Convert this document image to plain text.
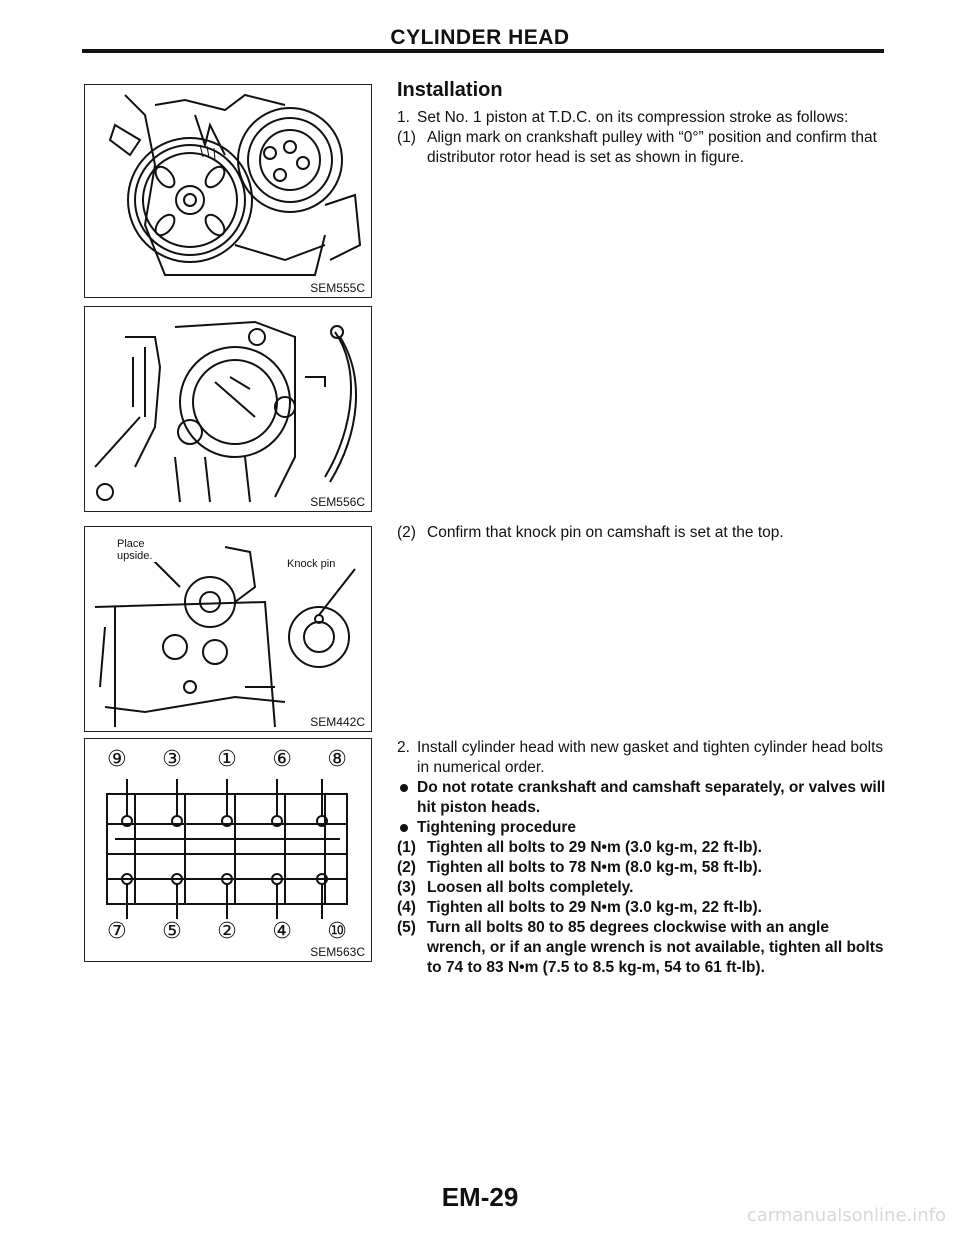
CYLINDER HEAD
SEM555C
SEM556C
Place upside.
Knock pin
SEM442C
⑨ ③ ① ⑥ ⑧
⑦ ⑤ ② ④ ⑩
SEM563C
Installation
1. Set No. 1 piston at T.D.C. on its compression stroke as follows:
(1) Align mark on crankshaft pulley with “0°” position and confirm that distributor rotor head is set as shown in figure.
(2) Confirm that knock pin on camshaft is set at the top.
2. Install cylinder head with new gasket and tighten cylinder head bolts in numerical order.
Do not rotate crankshaft and camshaft separately, or valves will hit piston heads.
Tightening procedure
(1) Tighten all bolts to 29 N•m (3.0 kg-m, 22 ft-lb).
(2) Tighten all bolts to 78 N•m (8.0 kg-m, 58 ft-lb).
(3) Loosen all bolts completely.
(4) Tighten all bolts to 29 N•m (3.0 kg-m, 22 ft-lb).
(5) Turn all bolts 80 to 85 degrees clockwise with an angle wrench, or if an angle wrench is not available, tighten all bolts to 74 to 83 N•m (7.5 to 8.5 kg-m, 54 to 61 ft-lb).
EM-29
carmanualsonline.info
